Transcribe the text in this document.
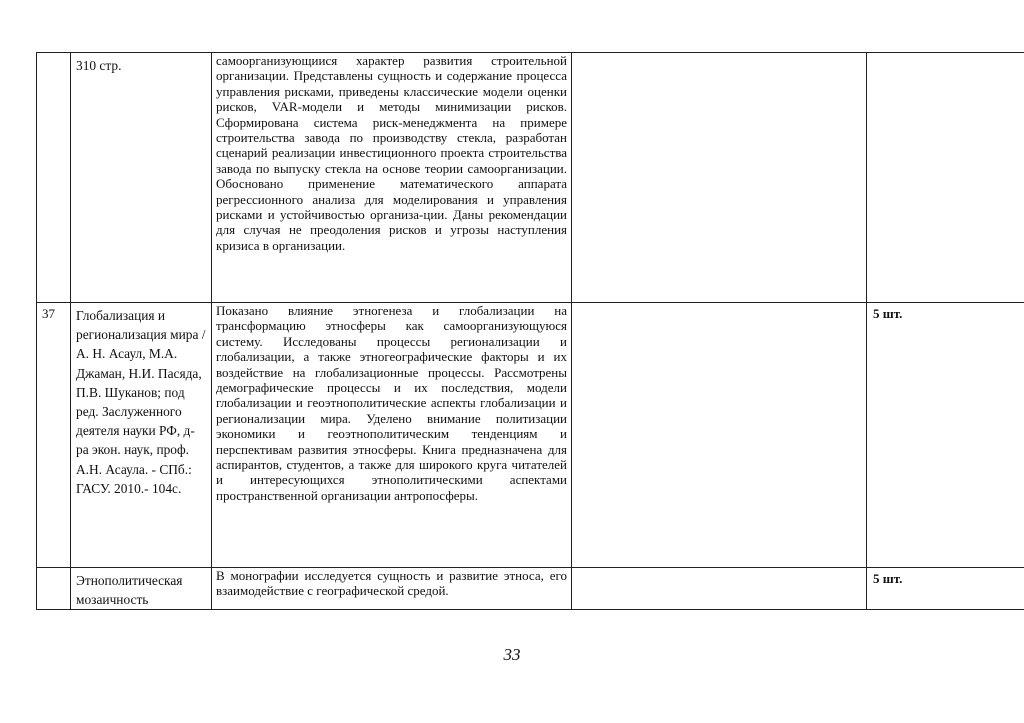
	310 стр.	самоорганизующиися характер развития строительной организации. Представлены сущность и содержание процесса управления рисками, приведены классические модели оценки рисков, VAR-модели и методы минимизации рисков. Сформирована система риск-менеджмента на примере строительства завода по производству стекла, разработан сценарий реализации инвестиционного проекта строительства завода по выпуску стекла на основе теории самоорганизации. Обосновано применение математического аппарата регрессионного анализа для моделирования и управления рисками и устойчивостью организа-ции. Даны рекомендации для случая не преодоления рисков и угрозы наступления кризиса в организации.		

37	Глобализация и регионализация мира / А. Н. Асаул, М.А. Джаман, Н.И. Пасяда, П.В. Шуканов; под ред. Заслуженного деятеля науки РФ, д-ра экон. наук, проф. А.Н. Асаула. - СПб.: ГАСУ. 2010.- 104с.	Показано влияние этногенеза и глобализации на трансформацию этносферы как самоорганизующуюся систему. Исследованы процессы регионализации и глобализации, а также этногеографические факторы и их воздействие на глобализационные процессы. Рассмотрены демографические процессы и их последствия, модели глобализации и геоэтнополитические аспекты глобализации и регионализации мира. Уделено внимание политизации экономики и геоэтнополитическим тенденциям и перспективам развития этносферы. Книга предназначена для аспирантов, студентов, а также для широкого круга читателей и интересующихся этнополитическими аспектами пространственной организации антропосферы.		5 шт.

	Этнополитическая мозаичность	В монографии исследуется сущность и развитие этноса, его взаимодействие с географической средой.		5 шт.
33
